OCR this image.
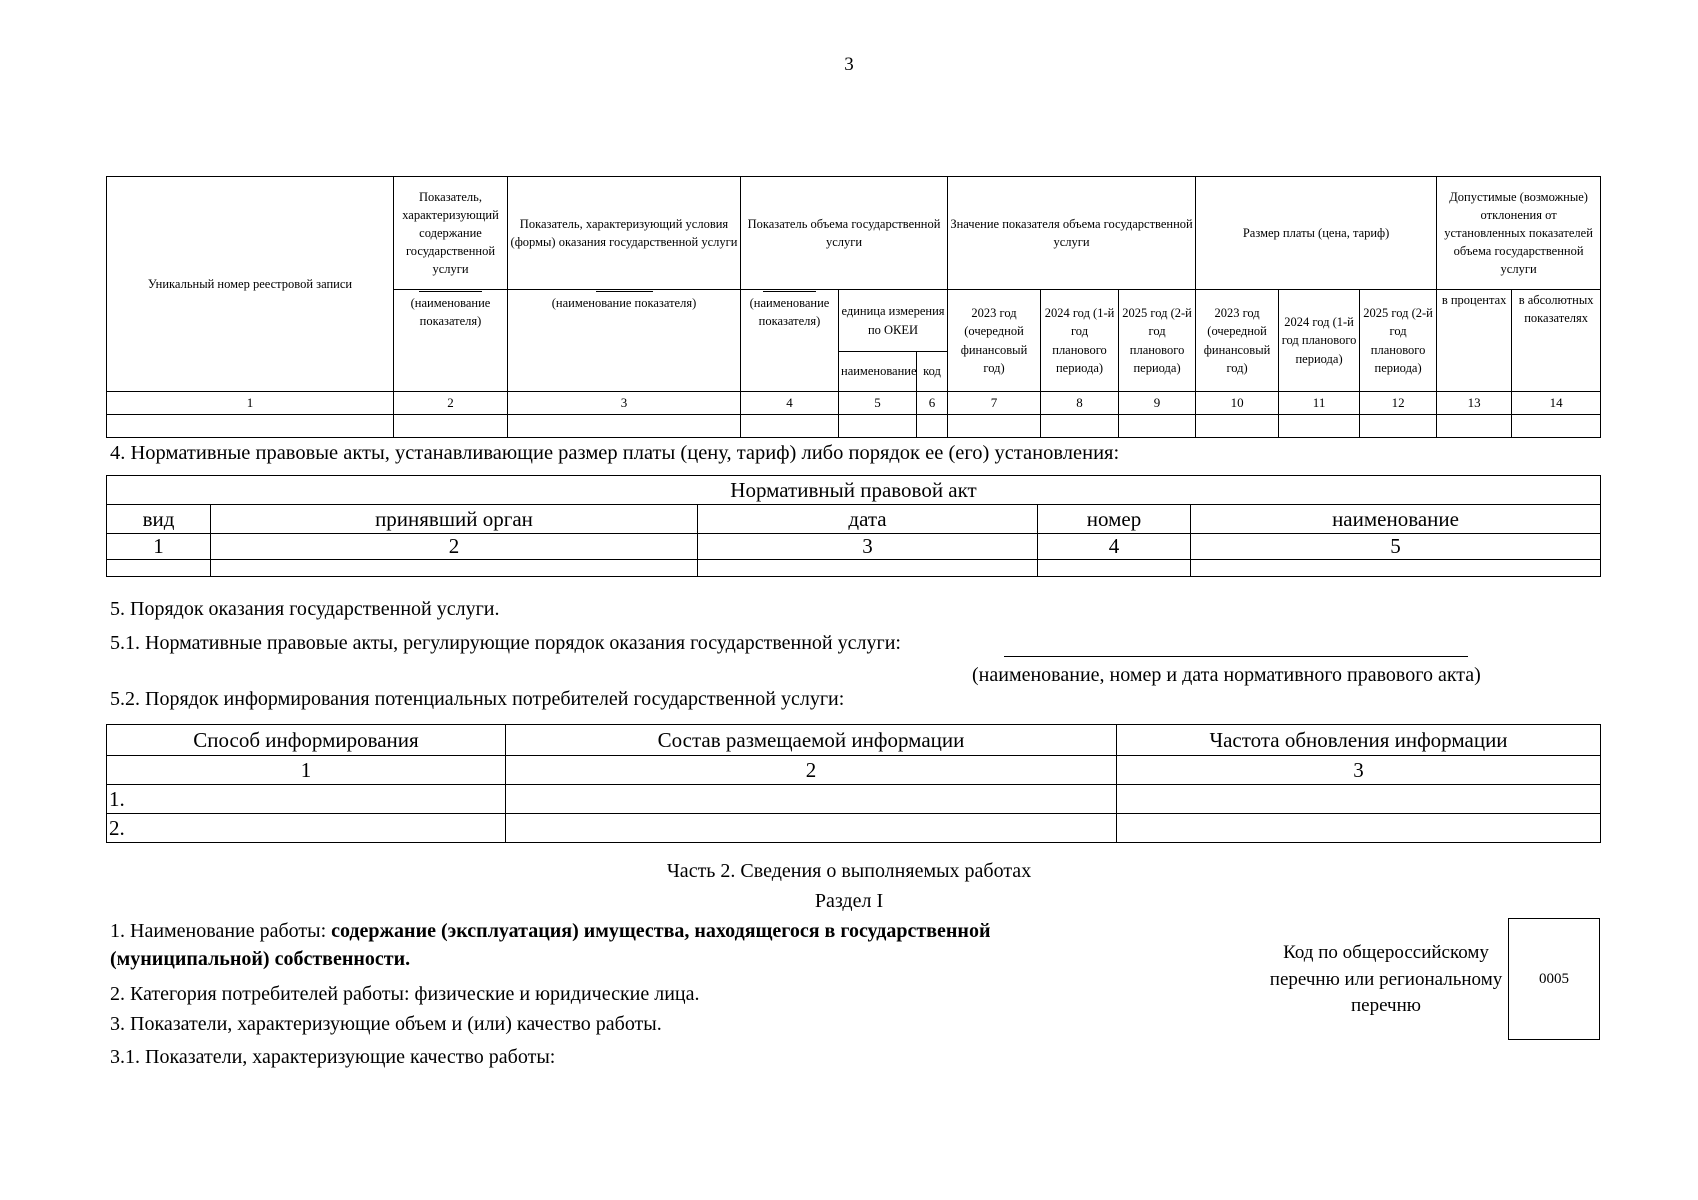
3
Уникальный номер реестровой записи	Показатель, характеризующий содержание государственной услуги	Показатель, характеризующий условия (формы) оказания государственной услуги	Показатель объема государственной услуги			Значение показателя объема государственной услуги			Размер платы (цена, тариф)			Допустимые (возможные) отклонения от установленных показателей объема государственной услуги	

(наименование показателя)	(наименование показателя)	(наименование показателя)	единица измерения по ОКЕИ		2023 год (очередной финансовый год)	2024 год (1-й год планового периода)	2025 год (2-й год планового периода)	2023 год (очередной финансовый год)	2024 год (1-й год планового периода)	2025 год (2-й год планового периода)	в процентах	в абсолютных показателях
				наименование	код								
1	2	3	4	5	6	7	8	9	10	11	12	13	14

4. Нормативные правовые акты, устанавливающие размер платы (цену, тариф) либо порядок ее (его) установления:
Нормативный правовой акт				
вид	принявший орган	дата	номер	наименование
1	2	3	4	5

5. Порядок оказания государственной услуги.
5.1. Нормативные правовые акты, регулирующие порядок оказания государственной услуги:
(наименование, номер и дата нормативного правового акта)
5.2. Порядок информирования потенциальных потребителей государственной услуги:
Способ информирования	Состав размещаемой информации	Частота обновления информации
1	2	3
1.		
2.		
Часть 2. Сведения о выполняемых работах
Раздел I
1. Наименование работы: содержание (эксплуатация) имущества, находящегося в государственной
(муниципальной) собственности.
2. Категория потребителей работы: физические и юридические лица.
3. Показатели, характеризующие объем и (или) качество работы.
3.1. Показатели, характеризующие качество работы:
Код по общероссийскому перечню или региональному перечню
0005
